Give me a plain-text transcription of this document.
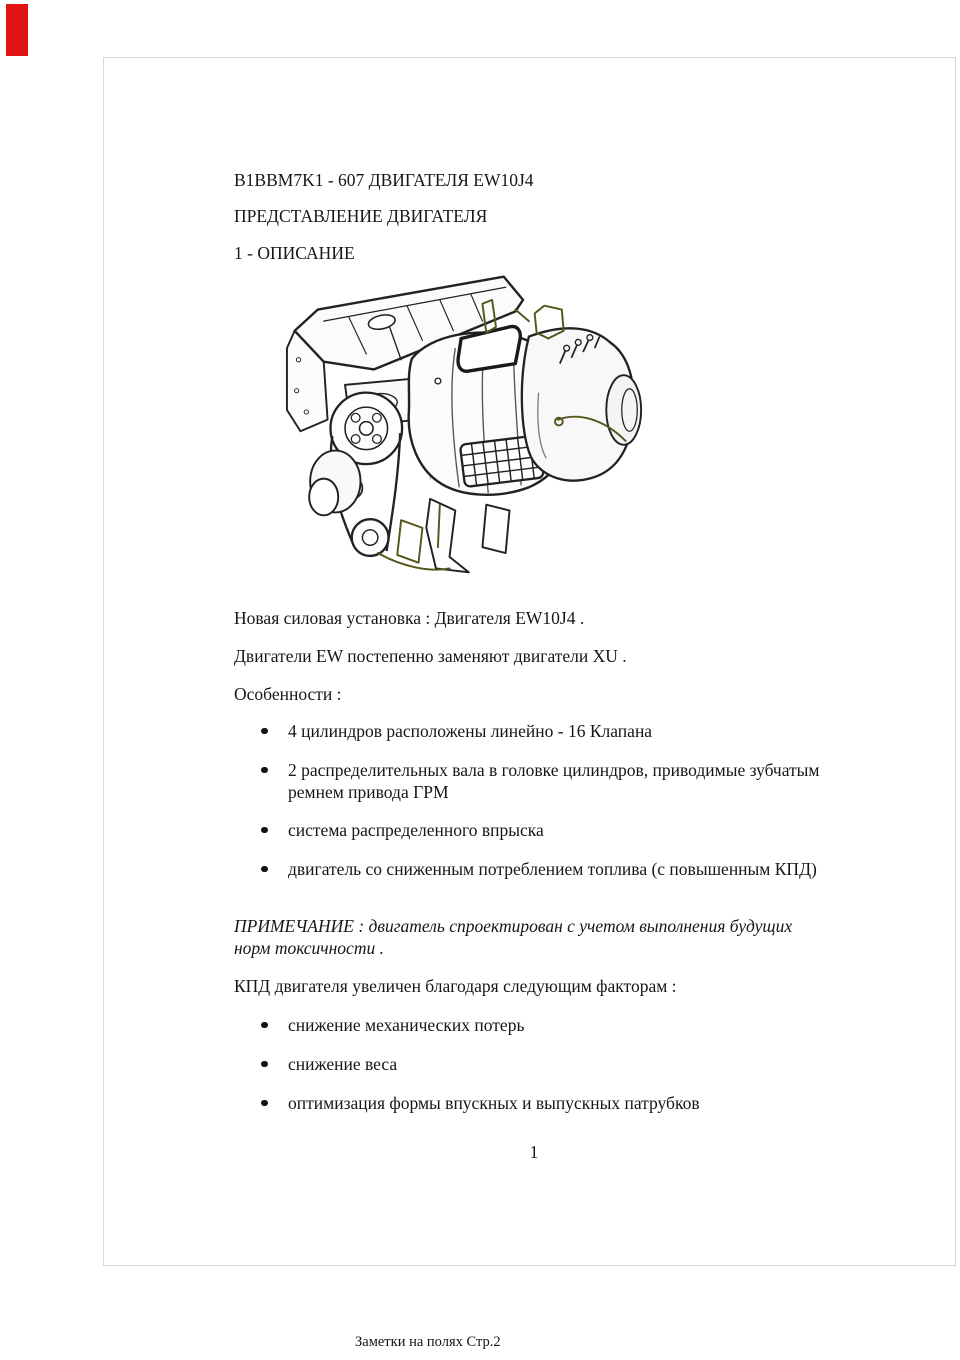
B1BBM7K1 - 607 ДВИГАТЕЛЯ EW10J4
ПРЕДСТАВЛЕНИЕ ДВИГАТЕЛЯ
1 - ОПИСАНИЕ
Новая силовая установка : Двигателя EW10J4 .
Двигатели EW постепенно заменяют двигатели XU .
Особенности :
4 цилиндров расположены линейно - 16 Клапана
2 распределительных вала в головке цилиндров, приводимые зубчатым ремнем привода ГРМ
система распределенного впрыска
двигатель со сниженным потреблением топлива (с повышенным КПД)
ПРИМЕЧАНИЕ : двигатель спроектирован с учетом выполнения будущих норм токсичности .
КПД двигателя увеличен благодаря следующим факторам :
снижение механических потерь
снижение веса
оптимизация формы впускных и выпускных патрубков
1
Заметки на полях Стр.2
